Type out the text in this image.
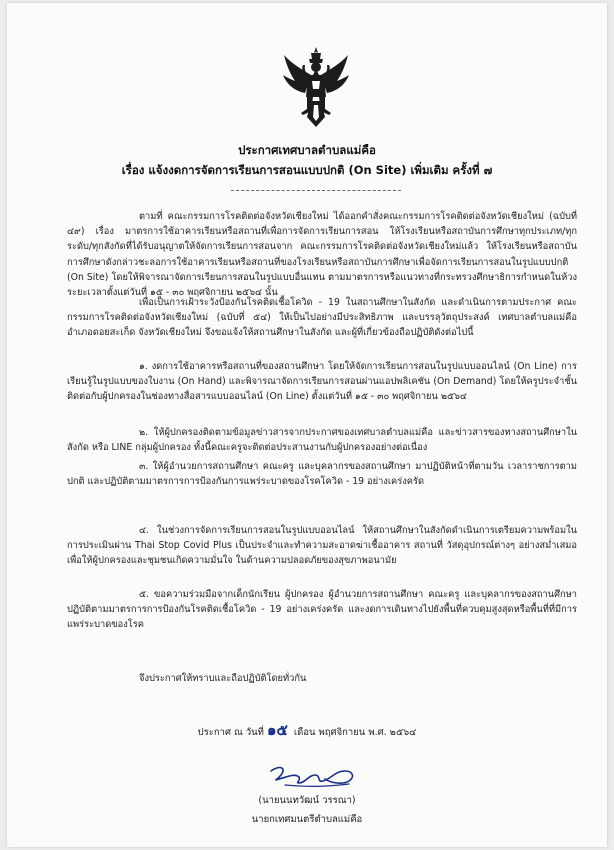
ประกาศเทศบาลตำบลแม่คือ
เรื่อง แจ้งงดการจัดการเรียนการสอนแบบปกติ (On Site) เพิ่มเติม ครั้งที่ ๗
ตามที่ คณะกรรมการโรคติดต่อจังหวัดเชียงใหม่ ได้ออกคำสั่งคณะกรรมการโรคติดต่อจังหวัดเชียงใหม่ (ฉบับที่ ๔๙) เรื่อง มาตรการใช้อาคารเรียนหรือสถานที่เพื่อการจัดการเรียนการสอน ให้โรงเรียนหรือสถาบันการศึกษาทุกประเภท/ทุกระดับ/ทุกสังกัดที่ได้รับอนุญาตให้จัดการเรียนการสอนจาก คณะกรรมการโรคติดต่อจังหวัดเชียงใหม่แล้ว ให้โรงเรียนหรือสถาบันการศึกษาดังกล่าวชะลอการใช้อาคารเรียนหรือสถานที่ของโรงเรียนหรือสถาบันการศึกษาเพื่อจัดการเรียนการสอนในรูปแบบปกติ (On Site) โดยให้พิจารณาจัดการเรียนการสอนในรูปแบบอื่นแทน ตามมาตรการหรือแนวทางที่กระทรวงศึกษาธิการกำหนดในห้วงระยะเวลาตั้งแต่วันที่ ๑๕ - ๓๐ พฤศจิกายน ๒๕๖๔ นั้น
เพื่อเป็นการเฝ้าระวังป้องกันโรคติดเชื้อโควิด - 19 ในสถานศึกษาในสังกัด และดำเนินการตามประกาศ คณะกรรมการโรคติดต่อจังหวัดเชียงใหม่ (ฉบับที่ ๕๔) ให้เป็นไปอย่างมีประสิทธิภาพ และบรรลุวัตถุประสงค์ เทศบาลตำบลแม่คือ อำเภอดอยสะเก็ด จังหวัดเชียงใหม่ จึงขอแจ้งให้สถานศึกษาในสังกัด และผู้ที่เกี่ยวข้องถือปฏิบัติดังต่อไปนี้
๑. งดการใช้อาคารหรือสถานที่ของสถานศึกษา โดยให้จัดการเรียนการสอนในรูปแบบออนไลน์ (On Line) การเรียนรู้ในรูปแบบของใบงาน (On Hand) และพิจารณาจัดการเรียนการสอนผ่านแอปพลิเคชัน (On Demand) โดยให้ครูประจำชั้นติดต่อกับผู้ปกครองในช่องทางสื่อสารแบบออนไลน์ (On Line) ตั้งแต่วันที่ ๑๕ - ๓๐ พฤศจิกายน ๒๕๖๔
๒. ให้ผู้ปกครองติดตามข้อมูลข่าวสารจากประกาศของเทศบาลตำบลแม่คือ และข่าวสารของทางสถานศึกษาในสังกัด หรือ LINE กลุ่มผู้ปกครอง ทั้งนี้คณะครูจะติดต่อประสานงานกับผู้ปกครองอย่างต่อเนื่อง
๓. ให้ผู้อำนวยการสถานศึกษา คณะครู และบุคลากรของสถานศึกษา มาปฏิบัติหน้าที่ตามวัน เวลาราชการตามปกติ และปฏิบัติตามมาตรการการป้องกันการแพร่ระบาดของโรคโควิด - 19 อย่างเคร่งครัด
๔. ในช่วงการจัดการเรียนการสอนในรูปแบบออนไลน์ ให้สถานศึกษาในสังกัดดำเนินการเตรียมความพร้อมในการประเมินผ่าน Thai Stop Covid Plus เป็นประจำและทำความสะอาดฆ่าเชื้ออาคาร สถานที่ วัสดุอุปกรณ์ต่างๆ อย่างสม่ำเสมอ เพื่อให้ผู้ปกครองและชุมชนเกิดความมั่นใจ ในด้านความปลอดภัยของสุขภาพอนามัย
๕. ขอความร่วมมือจากเด็กนักเรียน ผู้ปกครอง ผู้อำนวยการสถานศึกษา คณะครู และบุคลากรของสถานศึกษา ปฏิบัติตามมาตรการการป้องกันโรคติดเชื้อโควิด - 19 อย่างเคร่งครัด และงดการเดินทางไปยังพื้นที่ควบคุมสูงสุดหรือพื้นที่ที่มีการแพร่ระบาดของโรค
จึงประกาศให้ทราบและถือปฏิบัติโดยทั่วกัน
ประกาศ ณ วันที่ ๑๕ เดือน พฤศจิกายน พ.ศ. ๒๕๖๔
(นายนนทวัฒน์ วรรณา)
นายกเทศมนตรีตำบลแม่คือ
